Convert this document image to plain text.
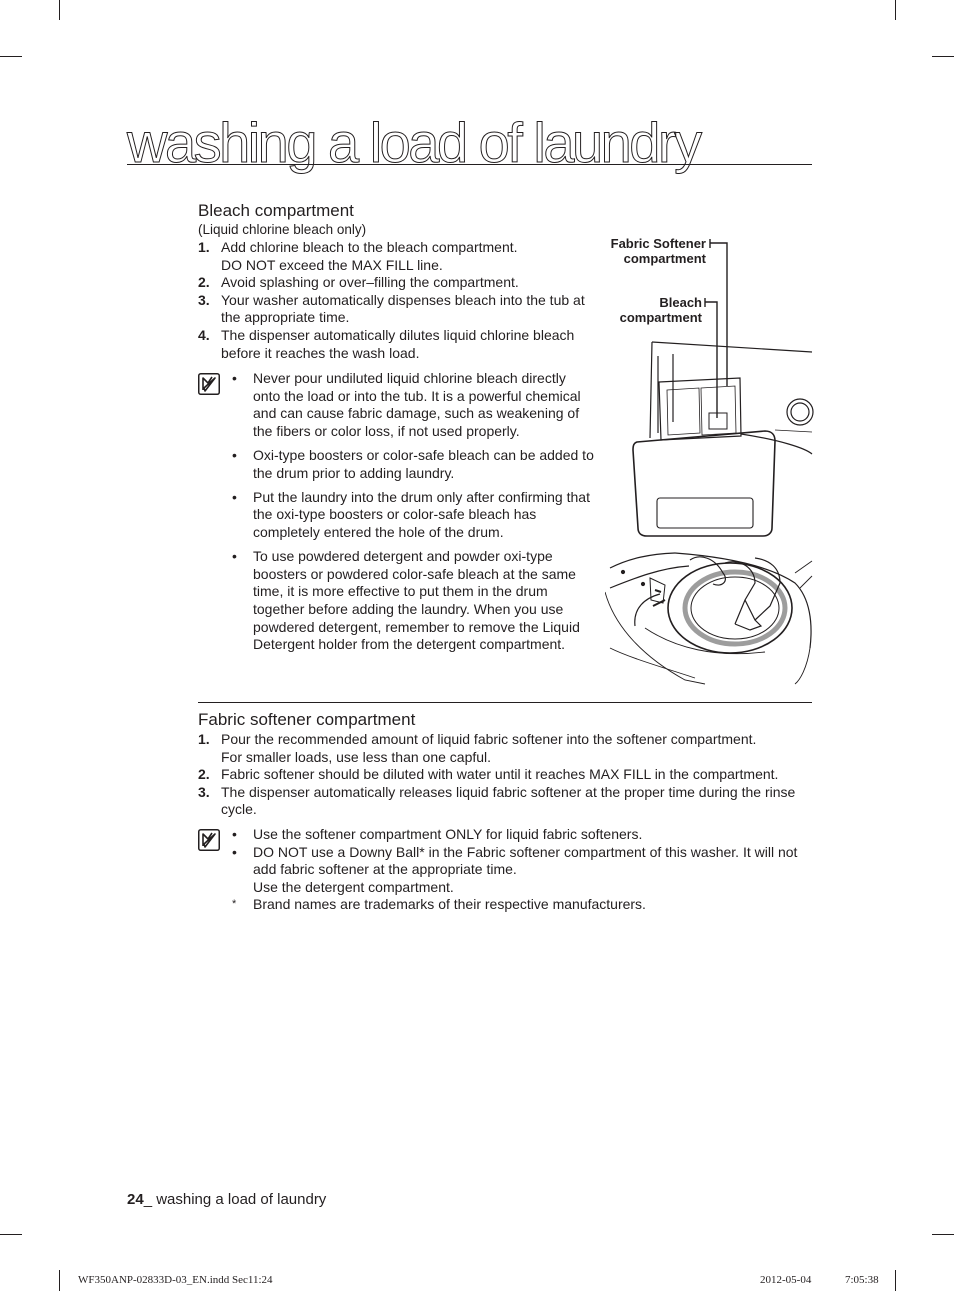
washing a load of laundry
Bleach compartment
(Liquid chlorine bleach only)
1. Add chlorine bleach to the bleach compartment.
DO NOT exceed the MAX FILL line.
2. Avoid splashing or over–filling the compartment.
3. Your washer automatically dispenses bleach into the tub at the appropriate time.
4. The dispenser automatically dilutes liquid chlorine bleach before it reaches the wash load.
• Never pour undiluted liquid chlorine bleach directly onto the load or into the tub. It is a powerful chemical and can cause fabric damage, such as weakening of the fibers or color loss, if not used properly.
• Oxi-type boosters or color-safe bleach can be added to the drum prior to adding laundry.
• Put the laundry into the drum only after confirming that the oxi-type boosters or color-safe bleach has completely entered the hole of the drum.
• To use powdered detergent and powder oxi-type boosters or powdered color-safe bleach at the same time, it is more effective to put them in the drum together before adding the laundry. When you use powdered detergent, remember to remove the Liquid Detergent holder from the detergent compartment.
Fabric Softener
compartment
Bleach
compartment
Fabric softener compartment
1. Pour the recommended amount of liquid fabric softener into the softener compartment.
For smaller loads, use less than one capful.
2. Fabric softener should be diluted with water until it reaches MAX FILL in the compartment.
3. The dispenser automatically releases liquid fabric softener at the proper time during the rinse cycle.
• Use the softener compartment ONLY for liquid fabric softeners.
• DO NOT use a Downy Ball* in the Fabric softener compartment of this washer. It will not add fabric softener at the appropriate time.
Use the detergent compartment.
* Brand names are trademarks of their respective manufacturers.
24_ washing a load of laundry
WF350ANP-02833D-03_EN.indd Sec11:24	2012-05-04	7:05:38
